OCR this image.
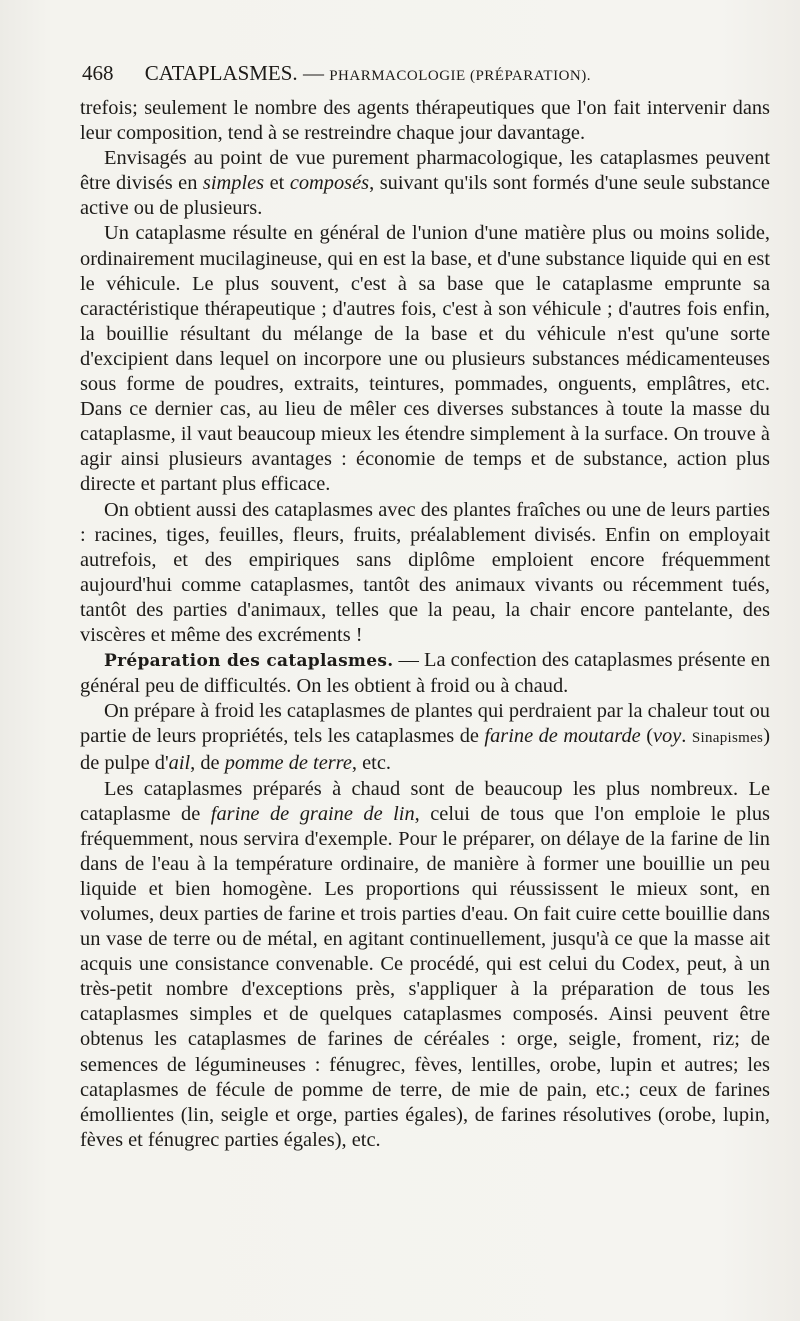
468 CATAPLASMES. — PHARMACOLOGIE (PRÉPARATION).

trefois; seulement le nombre des agents thérapeutiques que l'on fait intervenir dans leur composition, tend à se restreindre chaque jour davantage.

Envisagés au point de vue purement pharmacologique, les cataplasmes peuvent être divisés en simples et composés, suivant qu'ils sont formés d'une seule substance active ou de plusieurs.

Un cataplasme résulte en général de l'union d'une matière plus ou moins solide, ordinairement mucilagineuse, qui en est la base, et d'une substance liquide qui en est le véhicule. Le plus souvent, c'est à sa base que le cataplasme emprunte sa caractéristique thérapeutique ; d'autres fois, c'est à son véhicule ; d'autres fois enfin, la bouillie résultant du mélange de la base et du véhicule n'est qu'une sorte d'excipient dans lequel on incorpore une ou plusieurs substances médicamenteuses sous forme de poudres, extraits, teintures, pommades, onguents, emplâtres, etc. Dans ce dernier cas, au lieu de mêler ces diverses substances à toute la masse du cataplasme, il vaut beaucoup mieux les étendre simplement à la surface. On trouve à agir ainsi plusieurs avantages : économie de temps et de substance, action plus directe et partant plus efficace.

On obtient aussi des cataplasmes avec des plantes fraîches ou une de leurs parties : racines, tiges, feuilles, fleurs, fruits, préalablement divisés. Enfin on employait autrefois, et des empiriques sans diplôme emploient encore fréquemment aujourd'hui comme cataplasmes, tantôt des animaux vivants ou récemment tués, tantôt des parties d'animaux, telles que la peau, la chair encore pantelante, des viscères et même des excréments !

Préparation des cataplasmes. — La confection des cataplasmes présente en général peu de difficultés. On les obtient à froid ou à chaud.

On prépare à froid les cataplasmes de plantes qui perdraient par la chaleur tout ou partie de leurs propriétés, tels les cataplasmes de farine de moutarde (voy. Sinapismes) de pulpe d'ail, de pomme de terre, etc.

Les cataplasmes préparés à chaud sont de beaucoup les plus nombreux. Le cataplasme de farine de graine de lin, celui de tous que l'on emploie le plus fréquemment, nous servira d'exemple. Pour le préparer, on délaye de la farine de lin dans de l'eau à la température ordinaire, de manière à former une bouillie un peu liquide et bien homogène. Les proportions qui réussissent le mieux sont, en volumes, deux parties de farine et trois parties d'eau. On fait cuire cette bouillie dans un vase de terre ou de métal, en agitant continuellement, jusqu'à ce que la masse ait acquis une consistance convenable. Ce procédé, qui est celui du Codex, peut, à un très-petit nombre d'exceptions près, s'appliquer à la préparation de tous les cataplasmes simples et de quelques cataplasmes composés. Ainsi peuvent être obtenus les cataplasmes de farines de céréales : orge, seigle, froment, riz; de semences de légumineuses : fénugrec, fèves, lentilles, orobe, lupin et autres; les cataplasmes de fécule de pomme de terre, de mie de pain, etc.; ceux de farines émollientes (lin, seigle et orge, parties égales), de farines résolutives (orobe, lupin, fèves et fénugrec parties égales), etc.
